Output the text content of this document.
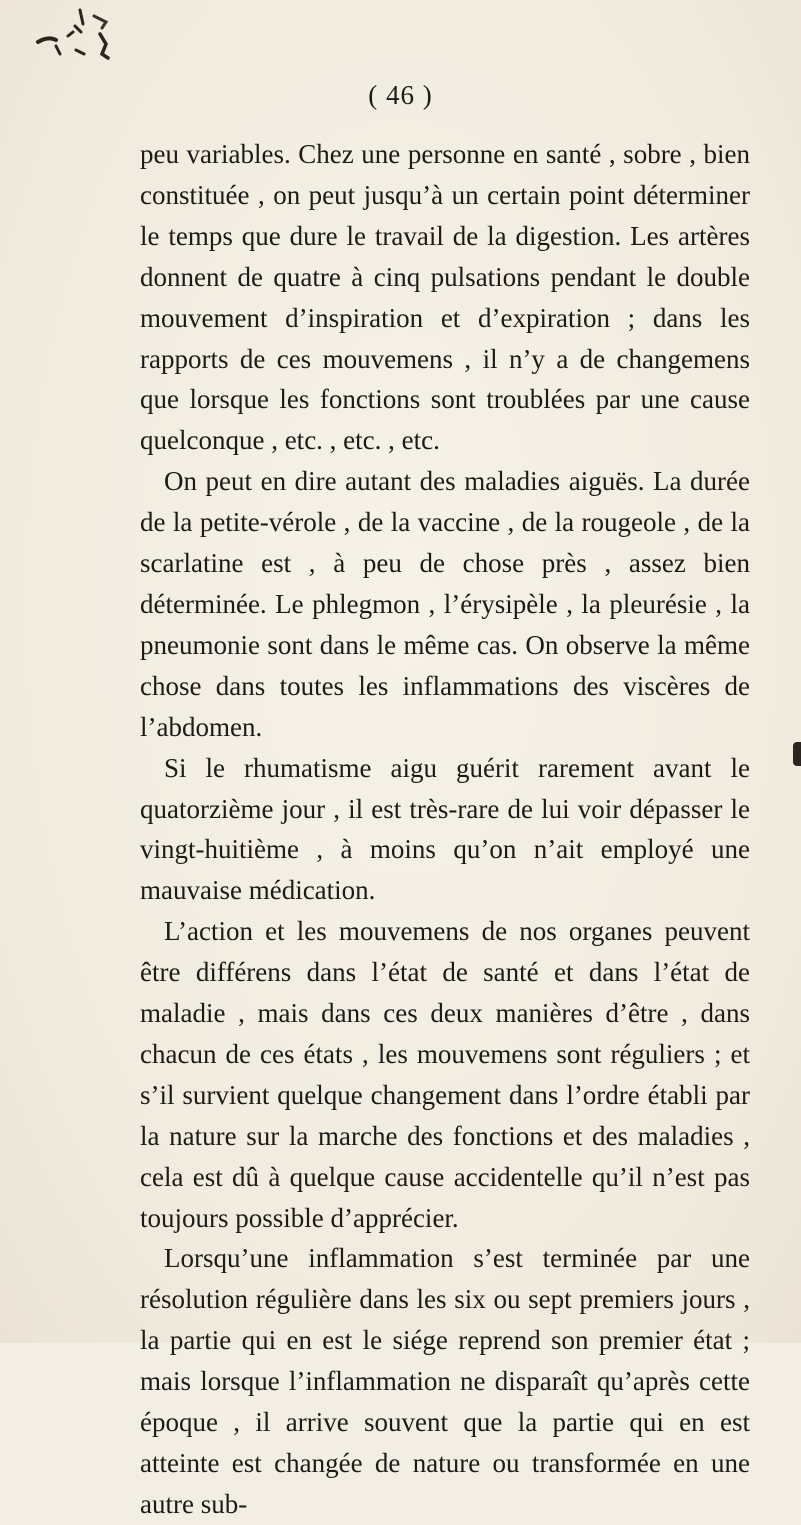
( 46 )

peu variables. Chez une personne en santé , sobre , bien constituée , on peut jusqu’à un certain point déterminer le temps que dure le travail de la digestion. Les artères donnent de quatre à cinq pulsations pendant le double mouvement d’inspiration et d’expiration ; dans les rapports de ces mouvemens , il n’y a de changemens que lorsque les fonctions sont troublées par une cause quelconque , etc. , etc. , etc.

On peut en dire autant des maladies aiguës. La durée de la petite-vérole , de la vaccine , de la rougeole , de la scarlatine est , à peu de chose près , assez bien déterminée. Le phlegmon , l’érysipèle , la pleurésie , la pneumonie sont dans le même cas. On observe la même chose dans toutes les inflammations des viscères de l’abdomen.

Si le rhumatisme aigu guérit rarement avant le quatorzième jour , il est très-rare de lui voir dépasser le vingt-huitième , à moins qu’on n’ait employé une mauvaise médication.

L’action et les mouvemens de nos organes peuvent être différens dans l’état de santé et dans l’état de maladie , mais dans ces deux manières d’être , dans chacun de ces états , les mouvemens sont réguliers ; et s’il survient quelque changement dans l’ordre établi par la nature sur la marche des fonctions et des maladies , cela est dû à quelque cause accidentelle qu’il n’est pas toujours possible d’apprécier.

Lorsqu’une inflammation s’est terminée par une résolution régulière dans les six ou sept premiers jours , la partie qui en est le siége reprend son premier état ; mais lorsque l’inflammation ne disparaît qu’après cette époque , il arrive souvent que la partie qui en est atteinte est changée de nature ou transformée en une autre sub-
